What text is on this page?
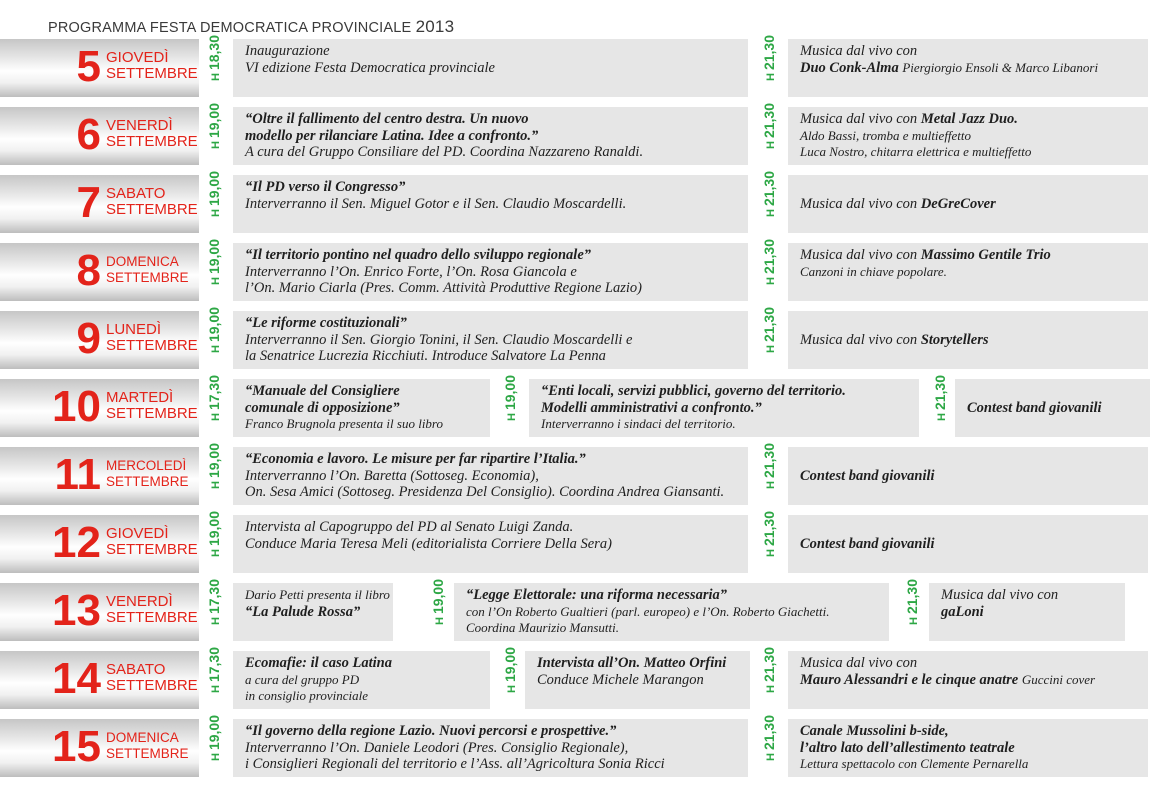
PROGRAMMA FESTA DEMOCRATICA PROVINCIALE 2013
5 GIOVEDÌ
SETTEMBRE	H18,30 Inaugurazione
VI edizione Festa Democratica provinciale
H21,30 Musica dal vivo con
Duo Conk-Alma Piergiorgio Ensoli & Marco Libanori
6 VENERDÌ
SETTEMBRE	H19,00 “Oltre il fallimento del centro destra. Un nuovo
modello per rilanciare Latina. Idee a confronto.”
A cura del Gruppo Consiliare del PD. Coordina Nazzareno Ranaldi.	H21,30 Musica dal vivo con Metal Jazz Duo.
Aldo Bassi, tromba e multieffetto
Luca Nostro, chitarra elettrica e multieffetto
7 SABATO
SETTEMBRE	H19,00 “Il PD verso il Congresso”
Interverranno il Sen. Miguel Gotor e il Sen. Claudio Moscardelli.
H21,30 Musica dal vivo con DeGreCover
8 DOMENICA
SETTEMBRE	H19,00 “Il territorio pontino nel quadro dello sviluppo regionale”
Interverranno l’On. Enrico Forte, l’On. Rosa Giancola e
l’On. Mario Ciarla (Pres. Comm. Attività Produttive Regione Lazio)	H21,30 Musica dal vivo con Massimo Gentile Trio
Canzoni in chiave popolare.
9 LUNEDÌ
SETTEMBRE	H19,00 “Le riforme costituzionali”
Interverranno il Sen. Giorgio Tonini, il Sen. Claudio Moscardelli e
la Senatrice Lucrezia Ricchiuti. Introduce Salvatore La Penna	H21,30 Musica dal vivo con Storytellers
10 MARTEDÌ
SETTEMBRE	H17,30 “Manuale del Consigliere
comunale di opposizione”
Franco Brugnola presenta il suo libro	H19,00 “Enti locali, servizi pubblici, governo del territorio.
Modelli amministrativi a confronto.”
Interverranno i sindaci del territorio.	H21,30 Contest band giovanili
11 MERCOLEDÌ
SETTEMBRE	H19,00 “Economia e lavoro. Le misure per far ripartire l’Italia.”
Interverranno l’On. Baretta (Sottoseg. Economia),
On. Sesa Amici (Sottoseg. Presidenza Del Consiglio). Coordina Andrea Giansanti.	H21,30 Contest band giovanili
12 GIOVEDÌ
SETTEMBRE	H19,00 Intervista al Capogruppo del PD al Senato Luigi Zanda.
Conduce Maria Teresa Meli (editorialista Corriere Della Sera)
H21,30 Contest band giovanili
13 VENERDÌ
SETTEMBRE	H17,30 Dario Petti presenta il libro
“La Palude Rossa”
H19,00 “Legge Elettorale: una riforma necessaria”
con l’On Roberto Gualtieri (parl. europeo) e l’On. Roberto Giachetti.
Coordina Maurizio Mansutti.	H21,30 Musica dal vivo con
gaLoni
14 SABATO
SETTEMBRE	H17,30 Ecomafie: il caso Latina
a cura del gruppo PD
in consiglio provinciale	H19,00 Intervista all’On. Matteo Orfini
Conduce Michele Marangon
H21,30 Musica dal vivo con
Mauro Alessandri e le cinque anatre Guccini cover
15 DOMENICA
SETTEMBRE	H19,00 “Il governo della regione Lazio. Nuovi percorsi e prospettive.”
Interverranno l’On. Daniele Leodori (Pres. Consiglio Regionale),
i Consiglieri Regionali del territorio e l’Ass. all’Agricoltura Sonia Ricci	H21,30 Canale Mussolini b-side,
l’altro lato dell’allestimento teatrale
Lettura spettacolo con Clemente Pernarella
